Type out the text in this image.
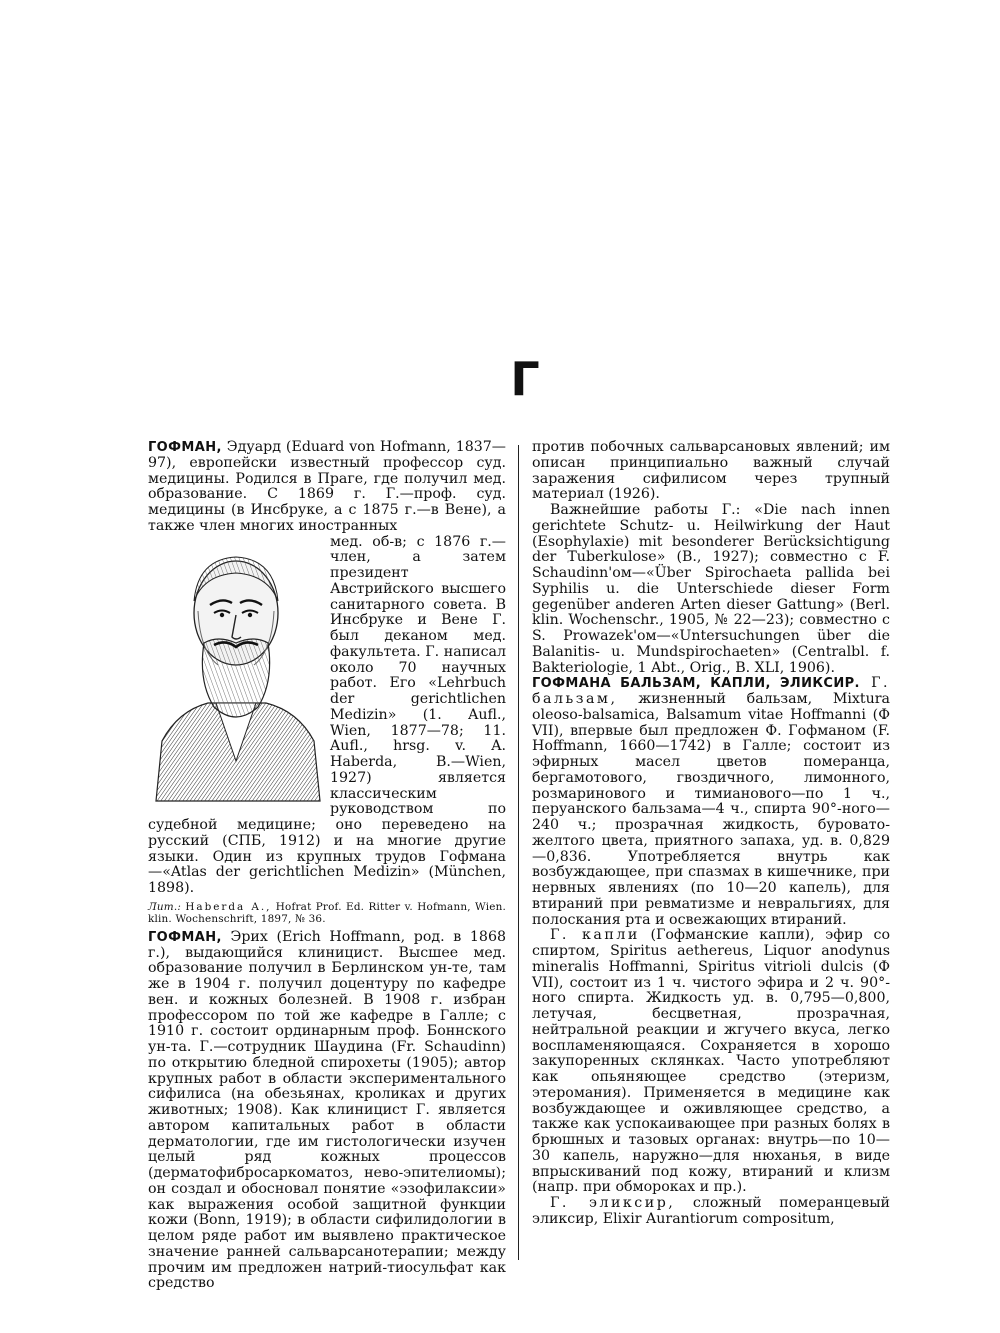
Г

ГОФМАН, Эдуард (Eduard von Hofmann, 1837—97), европейски известный профессор суд. медицины. Родился в Праге, где получил мед. образование. С 1869 г. Г.—проф. суд. медицины (в Инсбруке, а с 1875 г.—в Вене), а также член многих иностранных

мед. об-в; с 1876 г.—член, а затем президент Австрийского высшего санитарного совета. В Инсбруке и Вене Г. был деканом мед. факультета. Г. написал около 70 научных работ. Его «Lehrbuch der gerichtlichen Medizin» (1. Aufl., Wien, 1877—78; 11. Aufl., hrsg. v. A. Haberda, B.—Wien, 1927) является классическим руководством по судебной медицине; оно переведено на русский (СПБ, 1912) и на многие другие языки. Один из крупных трудов Гофмана—«Atlas der gerichtlichen Medizin» (München, 1898).

Лит.: Haberda A., Hofrat Prof. Ed. Ritter v. Hofmann, Wien. klin. Wochenschrift, 1897, № 36.

ГОФМАН, Эрих (Erich Hoffmann, род. в 1868 г.), выдающийся клиницист. Высшее мед. образование получил в Берлинском ун-те, там же в 1904 г. получил доцентуру по кафедре вен. и кожных болезней. В 1908 г. избран профессором по той же кафедре в Галле; с 1910 г. состоит ординарным проф. Боннского ун-та. Г.—сотрудник Шаудина (Fr. Schaudinn) по открытию бледной спирохеты (1905); автор крупных работ в области экспериментального сифилиса (на обезьянах, кроликах и других животных; 1908). Как клиницист Г. является автором капитальных работ в области дерматологии, где им гистологически изучен целый ряд кожных процессов (дерматофибросаркоматоз, нево-эпителиомы); он создал и обосновал понятие «эзофилаксии» как выражения особой защитной функции кожи (Bonn, 1919); в области сифилидологии в целом ряде работ им выявлено практическое значение ранней сальварсанотерапии; между прочим им предложен натрий-тиосульфат как средство

против побочных сальварсановых явлений; им описан принципиально важный случай заражения сифилисом через трупный материал (1926).

Важнейшие работы Г.: «Die nach innen gerichtete Schutz- u. Heilwirkung der Haut (Esophylaxie) mit besonderer Berücksichtigung der Tuberkulose» (B., 1927); совместно с F. Schaudinn'ом—«Über Spirochaeta pallida bei Syphilis u. die Unterschiede dieser Form gegenüber anderen Arten dieser Gattung» (Berl. klin. Wochenschr., 1905, № 22—23); совместно с S. Prowazek'ом—«Untersuchungen über die Balanitis- u. Mundspirochaeten» (Centralbl. f. Bakteriologie, 1 Abt., Orig., B. XLI, 1906).

ГОФМАНА БАЛЬЗАМ, КАПЛИ, ЭЛИКСИР. Г. бальзам, жизненный бальзам, Mixtura oleoso-balsamica, Balsamum vitae Hoffmanni (Ф VII), впервые был предложен Ф. Гофманом (F. Hoffmann, 1660—1742) в Галле; состоит из эфирных масел цветов померанца, бергамотового, гвоздичного, лимонного, розмаринового и тимианового—по 1 ч., перуанского бальзама—4 ч., спирта 90°-ного—240 ч.; прозрачная жидкость, буровато-желтого цвета, приятного запаха, уд. в. 0,829—0,836. Употребляется внутрь как возбуждающее, при спазмах в кишечнике, при нервных явлениях (по 10—20 капель), для втираний при ревматизме и невральгиях, для полоскания рта и освежающих втираний.

Г. капли (Гофманские капли), эфир со спиртом, Spiritus aethereus, Liquor anodynus mineralis Hoffmanni, Spiritus vitrioli dulcis (Ф VII), состоит из 1 ч. чистого эфира и 2 ч. 90°-ного спирта. Жидкость уд. в. 0,795—0,800, летучая, бесцветная, прозрачная, нейтральной реакции и жгучего вкуса, легко воспламеняющаяся. Сохраняется в хорошо закупоренных склянках. Часто употребляют как опьяняющее средство (этеризм, этеромания). Применяется в медицине как возбуждающее и оживляющее средство, а также как успокаивающее при разных болях в брюшных и тазовых органах: внутрь—по 10—30 капель, наружно—для нюханья, в виде впрыскиваний под кожу, втираний и клизм (напр. при обмороках и пр.).

Г. эликсир, сложный померанцевый эликсир, Elixir Aurantiorum compositum,
